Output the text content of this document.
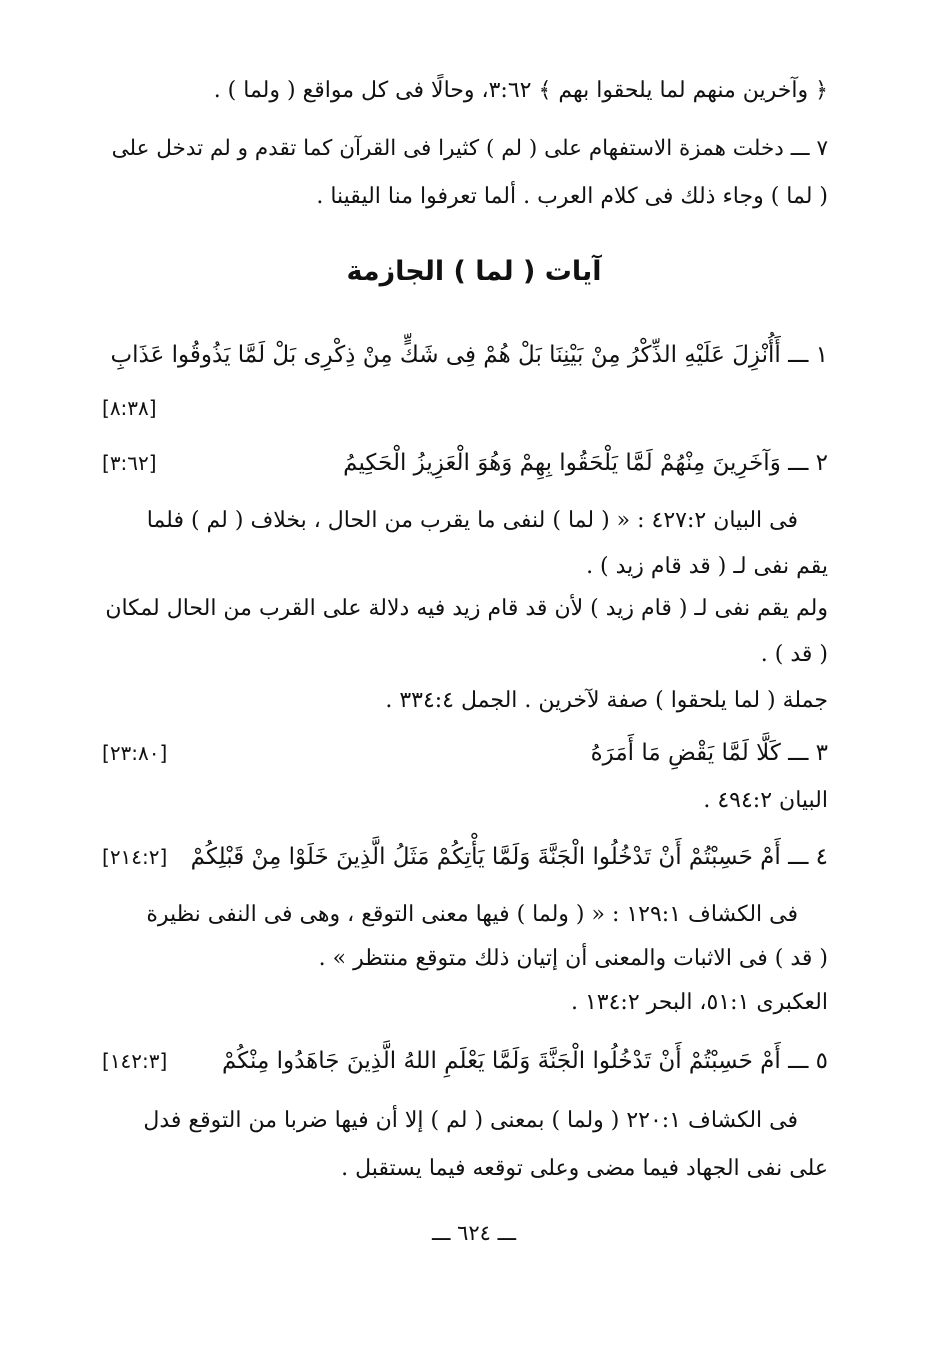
﴿ وآخرين منهم لما يلحقوا بهم ﴾ ٣:٦٢، وحالًا فى كل مواقع ( ولما ) .
٧ ـــ دخلت همزة الاستفهام على ( لم ) كثيرا فى القرآن كما تقدم و لم تدخل على
( لما ) وجاء ذلك فى كلام العرب . ألما تعرفوا منا اليقينا .
آيات ( لما ) الجازمة
١ ـــ أَأُنْزِلَ عَلَيْهِ الذِّكْرُ مِنْ بَيْنِنَا بَلْ هُمْ فِى شَكٍّ مِنْ ذِكْرِى بَلْ لَمَّا يَذُوقُوا عَذَابِ
[٨:٣٨]
٢ ـــ وَآخَرِينَ مِنْهُمْ لَمَّا يَلْحَقُوا بِهِمْ وَهُوَ الْعَزِيزُ الْحَكِيمُ
[٣:٦٢]
فى البيان ٤٢٧:٢ : « ( لما ) لنفى ما يقرب من الحال ، بخلاف ( لم ) فلما
يقم نفى لـ ( قد قام زيد ) .
ولم يقم نفى لـ ( قام زيد ) لأن قد قام زيد فيه دلالة على القرب من الحال لمكان
( قد ) .
جملة ( لما يلحقوا ) صفة لآخرين . الجمل ٣٣٤:٤ .
٣ ـــ كَلَّا لَمَّا يَقْضِ مَا أَمَرَهُ
[٢٣:٨٠]
البيان ٤٩٤:٢ .
٤ ـــ أَمْ حَسِبْتُمْ أَنْ تَدْخُلُوا الْجَنَّةَ وَلَمَّا يَأْتِكُمْ مَثَلُ الَّذِينَ خَلَوْا مِنْ قَبْلِكُمْ
[٢١٤:٢]
فى الكشاف ١٢٩:١ : « ( ولما ) فيها معنى التوقع ، وهى فى النفى نظيرة
( قد ) فى الاثبات والمعنى أن إتيان ذلك متوقع منتظر » .
العكبرى ٥١:١، البحر ١٣٤:٢ .
٥ ـــ أَمْ حَسِبْتُمْ أَنْ تَدْخُلُوا الْجَنَّةَ وَلَمَّا يَعْلَمِ اللهُ الَّذِينَ جَاهَدُوا مِنْكُمْ
[١٤٢:٣]
فى الكشاف ٢٢٠:١ ( ولما ) بمعنى ( لم ) إلا أن فيها ضربا من التوقع فدل
على نفى الجهاد فيما مضى وعلى توقعه فيما يستقبل .
ـــ ٦٢٤ ـــ
